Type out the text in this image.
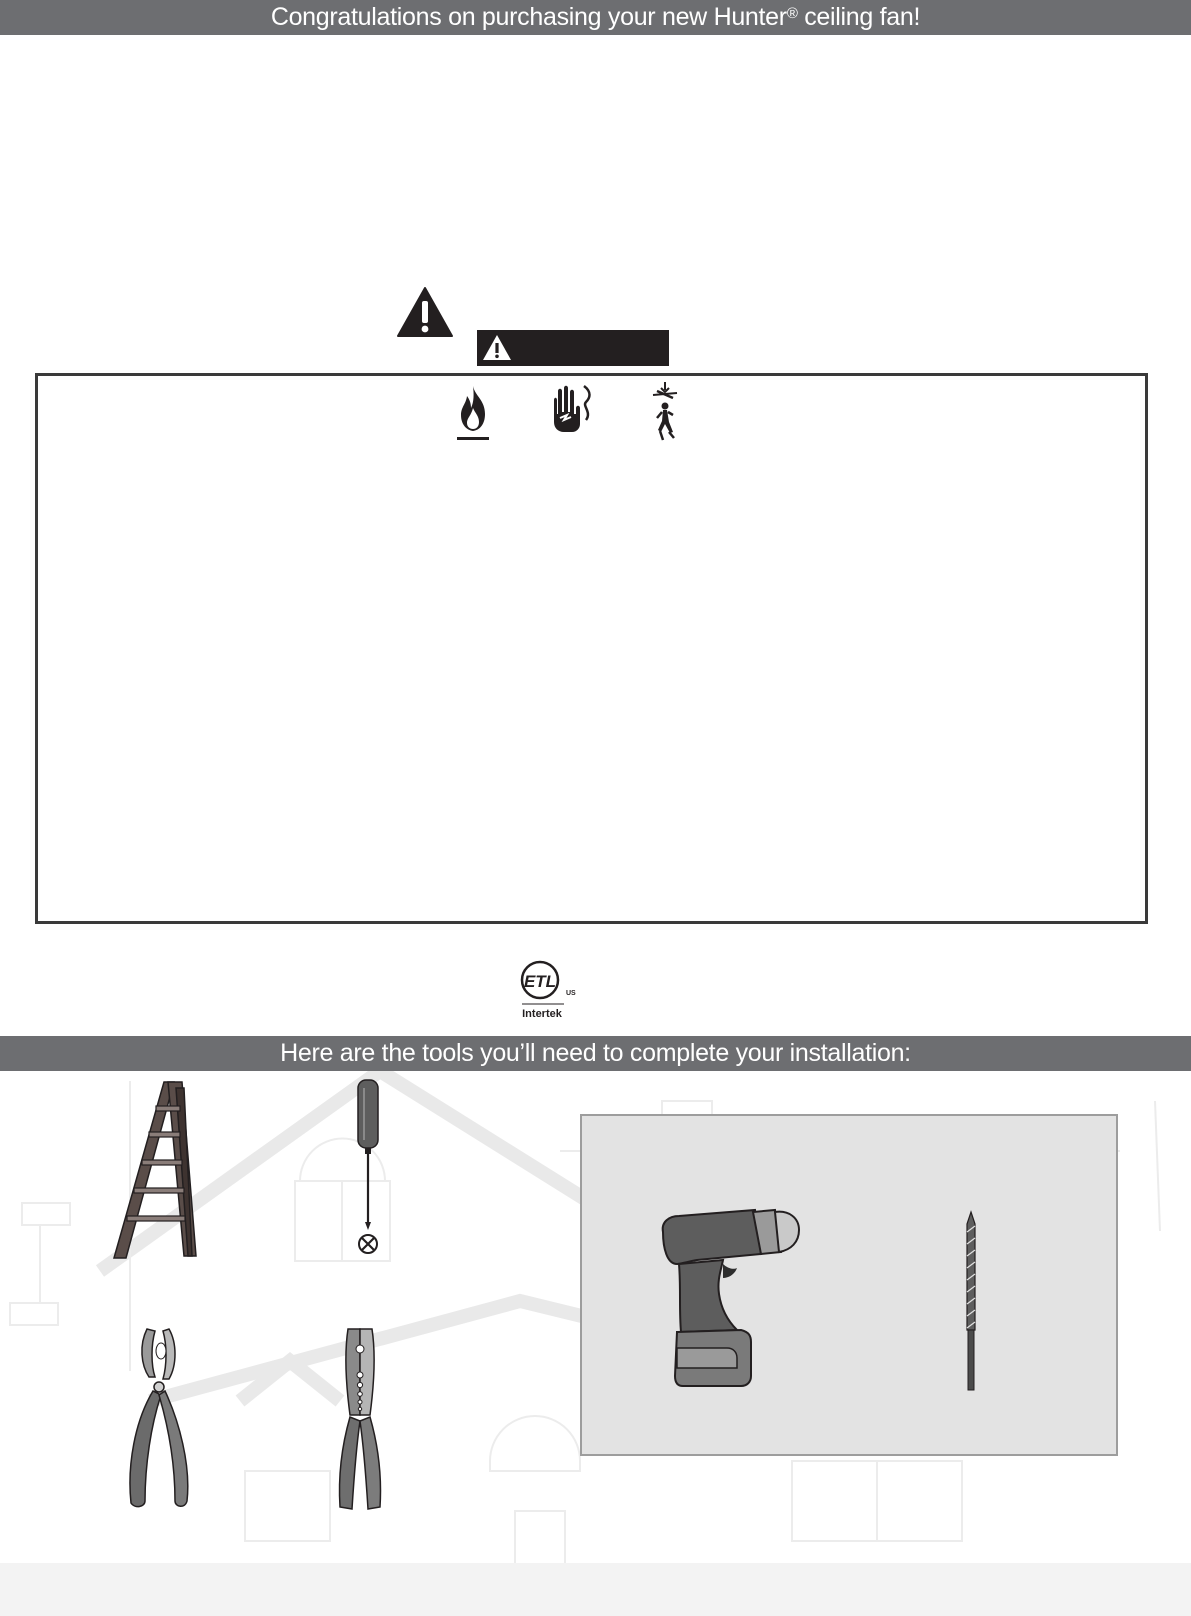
Congratulations on purchasing your new Hunter® ceiling fan!
ETL
US
Intertek
Here are the tools you’ll need to complete your installation:
